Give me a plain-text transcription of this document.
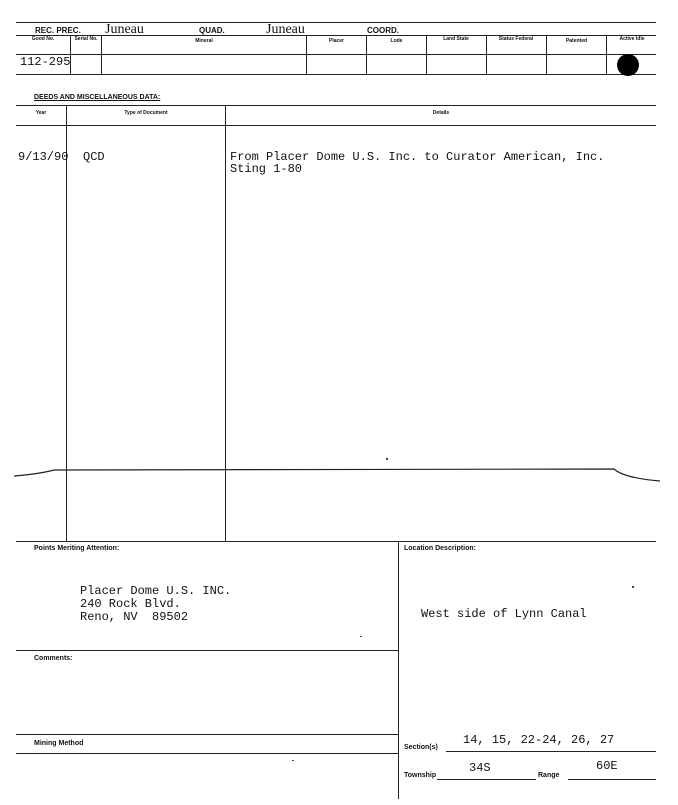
REC. PREC. Juneau	QUAD.	Juneau	COORD.
Good No.	Serial No.	Mineral	Placer	Lode	Land State	Status Federal	Patented	Active Idle
112-295
DEEDS AND MISCELLANEOUS DATA:
Year	Type of Document	Details
9/13/90 QCD	From Placer Dome U.S. Inc. to Curator American, Inc.
Sting 1-80
Points Meriting Attention:
Placer Dome U.S. INC.
240 Rock Blvd.
Reno, NV  89502
Location Description:
West side of Lynn Canal
Comments:
Mining Method
Section(s)
14, 15, 22-24, 26, 27
Township
34S
Range
60E
